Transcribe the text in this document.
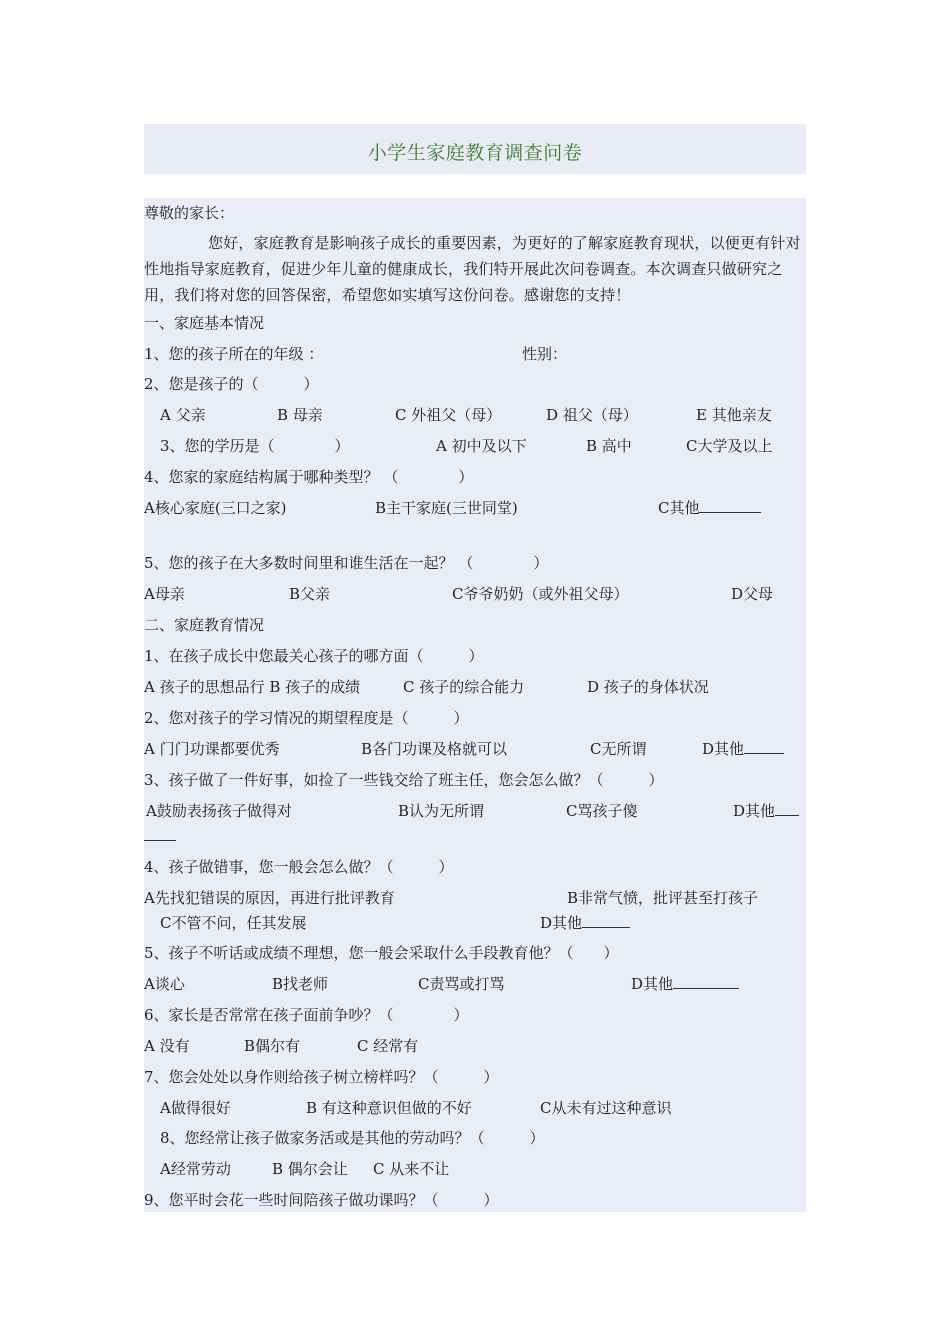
小学生家庭教育调查问卷
尊敬的家长：
您好，家庭教育是影响孩子成长的重要因素，为更好的了解家庭教育现状，以便更有针对性地指导家庭教育，促进少年儿童的健康成长，我们特开展此次问卷调查。本次调查只做研究之用，我们将对您的回答保密，希望您如实填写这份问卷。感谢您的支持！
一、家庭基本情况
1、您的孩子所在的年级 ：	性别：
2、您是孩子的（　　　）
A 父亲	B 母亲	C 外祖父（母）	D 祖父（母）	E 其他亲友
3、您的学历是（　　　　）	A 初中及以下	B 高中	C大学及以上
4、您家的家庭结构属于哪种类型？ （　　　　）
A核心家庭(三口之家)	B主干家庭(三世同堂)	C其他
5、您的孩子在大多数时间里和谁生活在一起？ （　　　　）
A母亲	B父亲	C爷爷奶奶（或外祖父母）	D父母
二、家庭教育情况
1、在孩子成长中您最关心孩子的哪方面（　　　）
A 孩子的思想品行 B 孩子的成绩	C 孩子的综合能力	D 孩子的身体状况
2、您对孩子的学习情况的期望程度是（　　　）
A 门门功课都要优秀	B各门功课及格就可以	C无所谓	D其他
3、孩子做了一件好事，如捡了一些钱交给了班主任，您会怎么做？（　　　）
A鼓励表扬孩子做得对	B认为无所谓	C骂孩子傻	D其他
4、孩子做错事，您一般会怎么做？（　　　）
A先找犯错误的原因，再进行批评教育	B非常气愤，批评甚至打孩子
C不管不问，任其发展	D其他
5、孩子不听话或成绩不理想，您一般会采取什么手段教育他？（　　）
A谈心	B找老师	C责骂或打骂	D其他
6、家长是否常常在孩子面前争吵？（　　　　）
A 没有	B偶尔有	C 经常有
7、您会处处以身作则给孩子树立榜样吗？（　　　）
A做得很好	B 有这种意识但做的不好	C从未有过这种意识
8、您经常让孩子做家务活或是其他的劳动吗？（　　　）
A经常劳动	B 偶尔会让 C 从来不让
9、您平时会花一些时间陪孩子做功课吗？（　　　）
